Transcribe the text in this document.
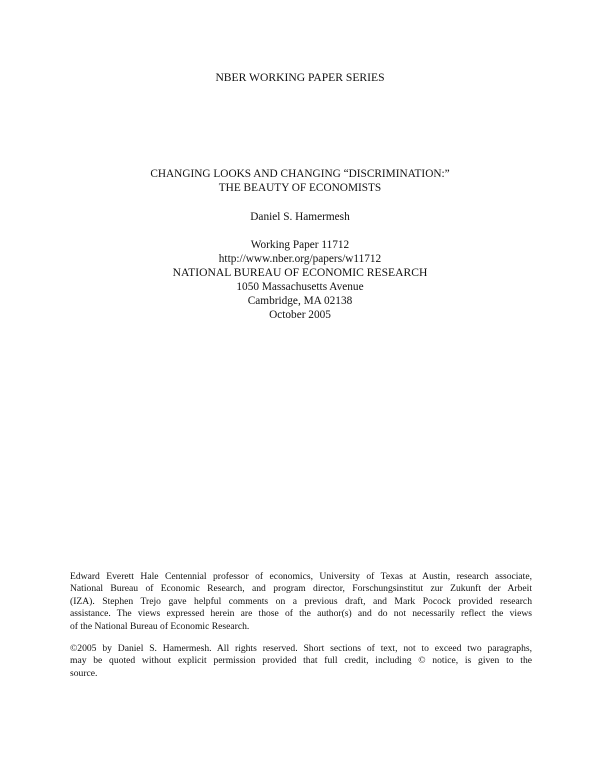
NBER WORKING PAPER SERIES
CHANGING LOOKS AND CHANGING “DISCRIMINATION:”
THE BEAUTY OF ECONOMISTS
Daniel S. Hamermesh
Working Paper 11712
http://www.nber.org/papers/w11712
NATIONAL BUREAU OF ECONOMIC RESEARCH
1050 Massachusetts Avenue
Cambridge, MA 02138
October 2005
Edward Everett Hale Centennial professor of economics, University of Texas at Austin, research associate,
National Bureau of Economic Research, and program director, Forschungsinstitut zur Zukunft der Arbeit
(IZA). Stephen Trejo gave helpful comments on a previous draft, and Mark Pocock provided research
assistance. The views expressed herein are those of the author(s) and do not necessarily reflect the views
of the National Bureau of Economic Research.
©2005 by Daniel S. Hamermesh. All rights reserved. Short sections of text, not to exceed two paragraphs,
may be quoted without explicit permission provided that full credit, including © notice, is given to the
source.
